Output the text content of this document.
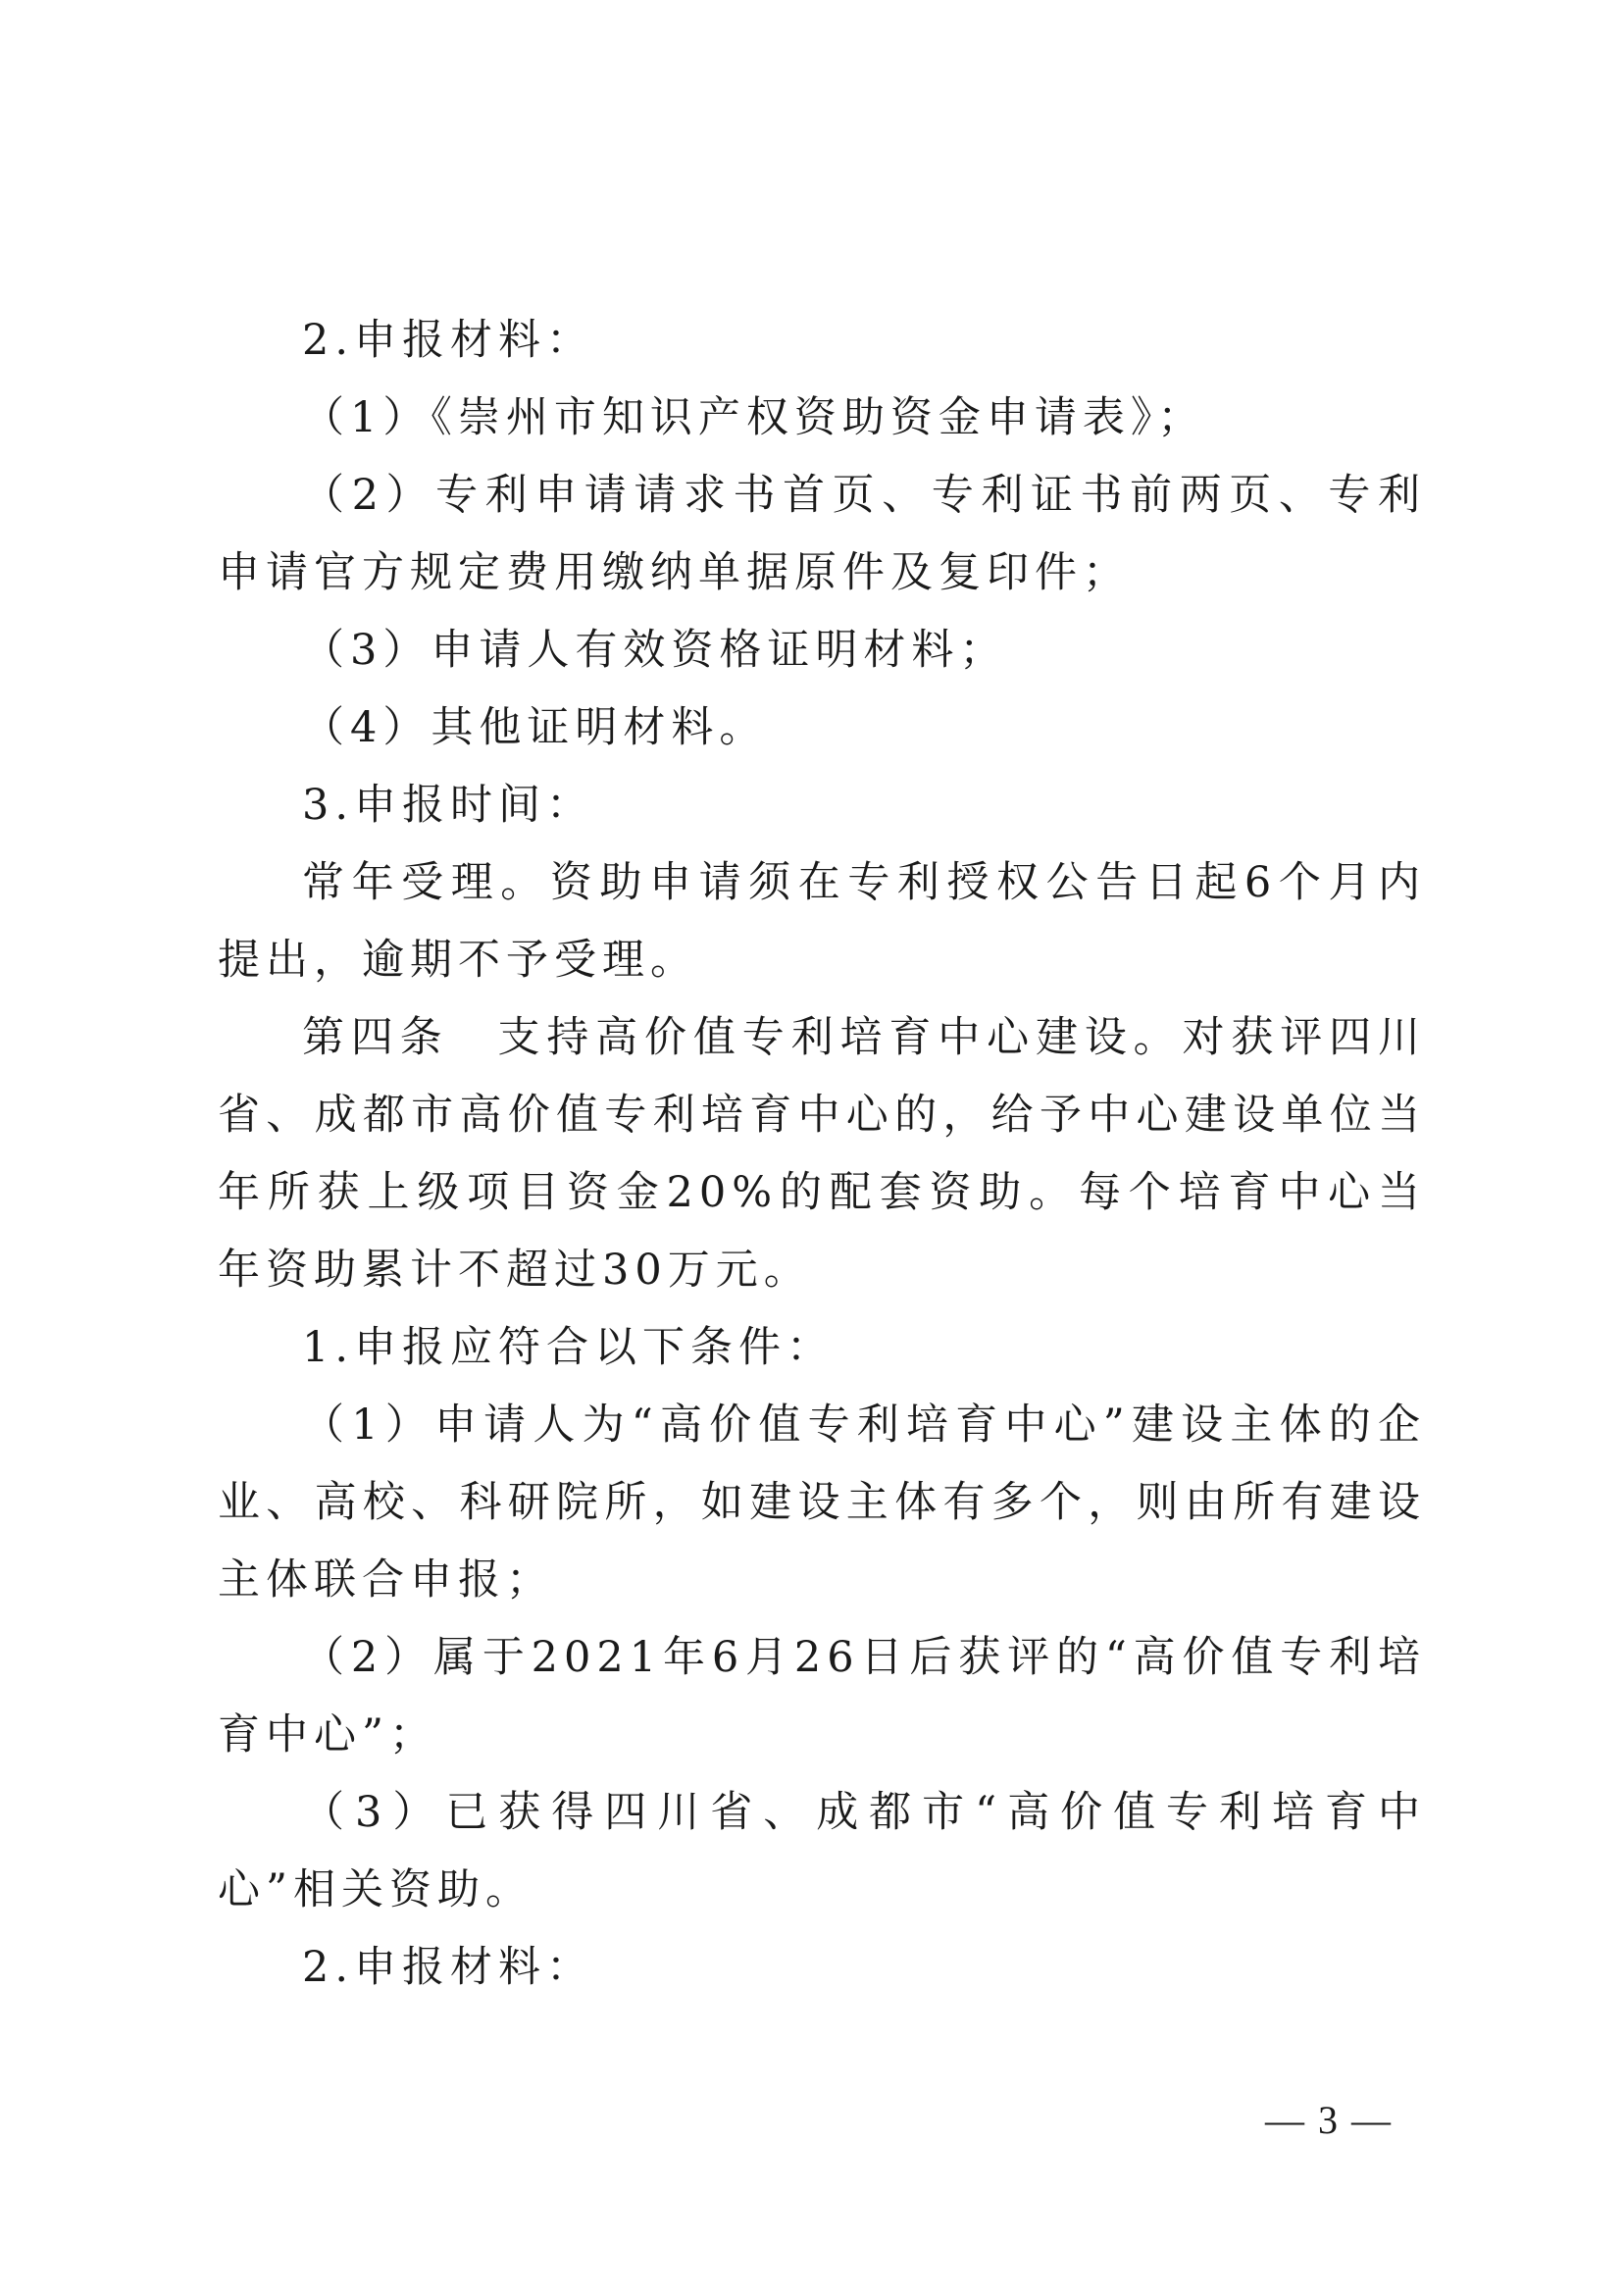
2.申报材料：

（1）《崇州市知识产权资助资金申请表》；

（2）专利申请请求书首页、专利证书前两页、专利申请官方规定费用缴纳单据原件及复印件；

（3）申请人有效资格证明材料；

（4）其他证明材料。

3.申报时间：

常年受理。资助申请须在专利授权公告日起6个月内提出，逾期不予受理。

第四条　支持高价值专利培育中心建设。对获评四川省、成都市高价值专利培育中心的，给予中心建设单位当年所获上级项目资金20%的配套资助。每个培育中心当年资助累计不超过30万元。

1.申报应符合以下条件：

（1）申请人为“高价值专利培育中心”建设主体的企业、高校、科研院所，如建设主体有多个，则由所有建设主体联合申报；

（2）属于2021年6月26日后获评的“高价值专利培育中心”；

（3）已获得四川省、成都市“高价值专利培育中心”相关资助。

2.申报材料：

— 3 —
